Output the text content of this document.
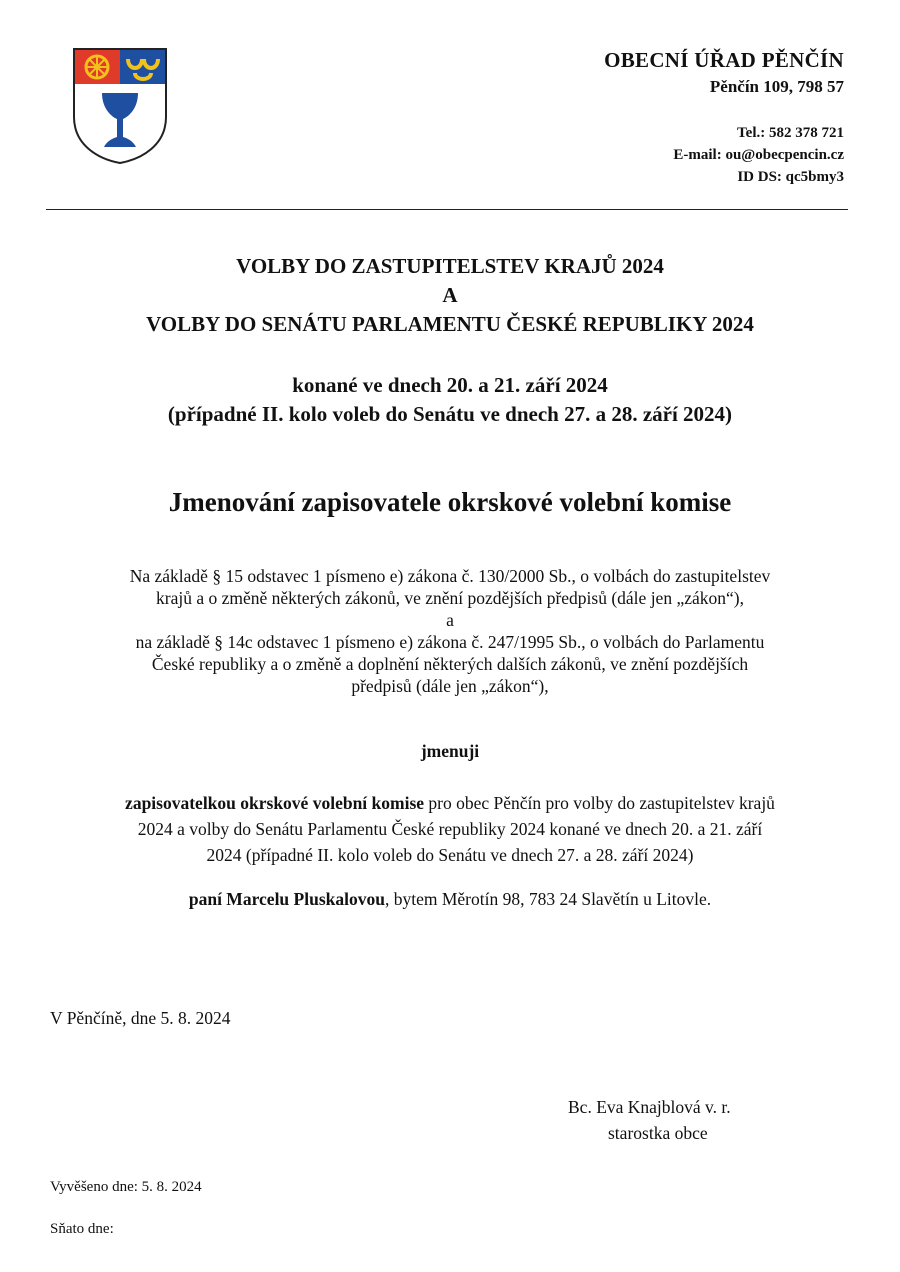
OBECNÍ ÚŘAD PĚNČÍN
Pěnčín 109, 798 57
Tel.: 582 378 721
E-mail: ou@obecpencin.cz
ID DS: qc5bmy3
VOLBY DO ZASTUPITELSTEV KRAJŮ 2024
A
VOLBY DO SENÁTU PARLAMENTU ČESKÉ REPUBLIKY 2024
konané ve dnech 20. a 21. září 2024
(případné II. kolo voleb do Senátu ve dnech 27. a 28. září 2024)
Jmenování zapisovatele okrskové volební komise
Na základě § 15 odstavec 1 písmeno e) zákona č. 130/2000 Sb., o volbách do zastupitelstev
krajů a o změně některých zákonů, ve znění pozdějších předpisů (dále jen „zákon“),
a
na základě § 14c odstavec 1 písmeno e) zákona č. 247/1995 Sb., o volbách do Parlamentu
České republiky a o změně a doplnění některých dalších zákonů, ve znění pozdějších
předpisů (dále jen „zákon“),
jmenuji
zapisovatelkou okrskové volební komise pro obec Pěnčín pro volby do zastupitelstev krajů
2024 a volby do Senátu Parlamentu České republiky 2024 konané ve dnech 20. a 21. září
2024 (případné II. kolo voleb do Senátu ve dnech 27. a 28. září 2024)
paní Marcelu Pluskalovou, bytem Měrotín 98, 783 24 Slavětín u Litovle.
V Pěnčíně, dne 5. 8. 2024
Bc. Eva Knajblová v. r.
starostka obce
Vyvěšeno dne: 5. 8. 2024
Sňato dne:
